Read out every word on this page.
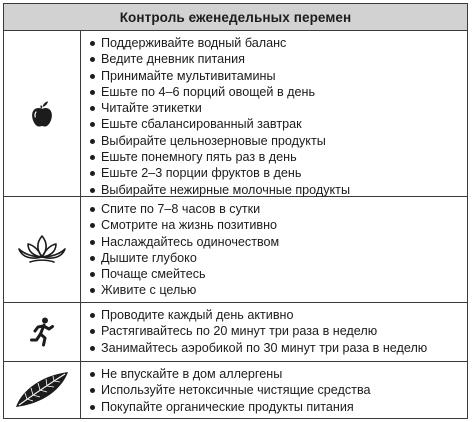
Контроль еженедельных перемен
Поддерживайте водный баланс
Ведите дневник питания
Принимайте мультивитамины
Ешьте по 4–6 порций овощей в день
Читайте этикетки
Ешьте сбалансированный завтрак
Выбирайте цельнозерновые продукты
Ешьте понемногу пять раз в день
Ешьте 2–3 порции фруктов в день
Выбирайте нежирные молочные продукты
Спите по 7–8 часов в сутки
Смотрите на жизнь позитивно
Наслаждайтесь одиночеством
Дышите глубоко
Почаще смейтесь
Живите с целью
Проводите каждый день активно
Растягивайтесь по 20 минут три раза в неделю
Занимайтесь аэробикой по 30 минут три раза в неделю
Не впускайте в дом аллергены
Используйте нетоксичные чистящие средства
Покупайте органические продукты питания
